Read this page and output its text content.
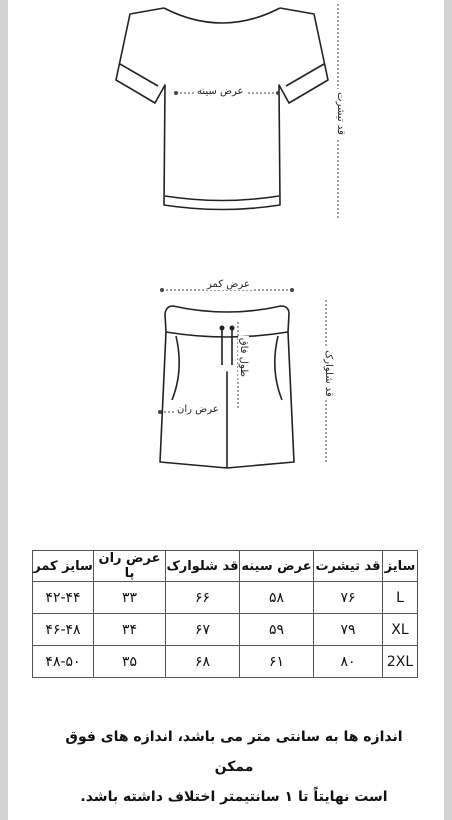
عرض سینه
قد تیشرت
عرض کمر
طول فاق
عرض ران
قد شلوارک
سایز	قد تیشرت	عرض سینه	قد شلوارک	عرض ران پا	سایز کمر
L	۷۶	۵۸	۶۶	۳۳	۴۲-۴۴
XL	۷۹	۵۹	۶۷	۳۴	۴۶-۴۸
2XL	۸۰	۶۱	۶۸	۳۵	۴۸-۵۰
اندازه ها به سانتی متر می باشد، اندازه های فوق ممکن
است نهایتاً تا ۱ سانتیمتر اختلاف داشته باشد.
